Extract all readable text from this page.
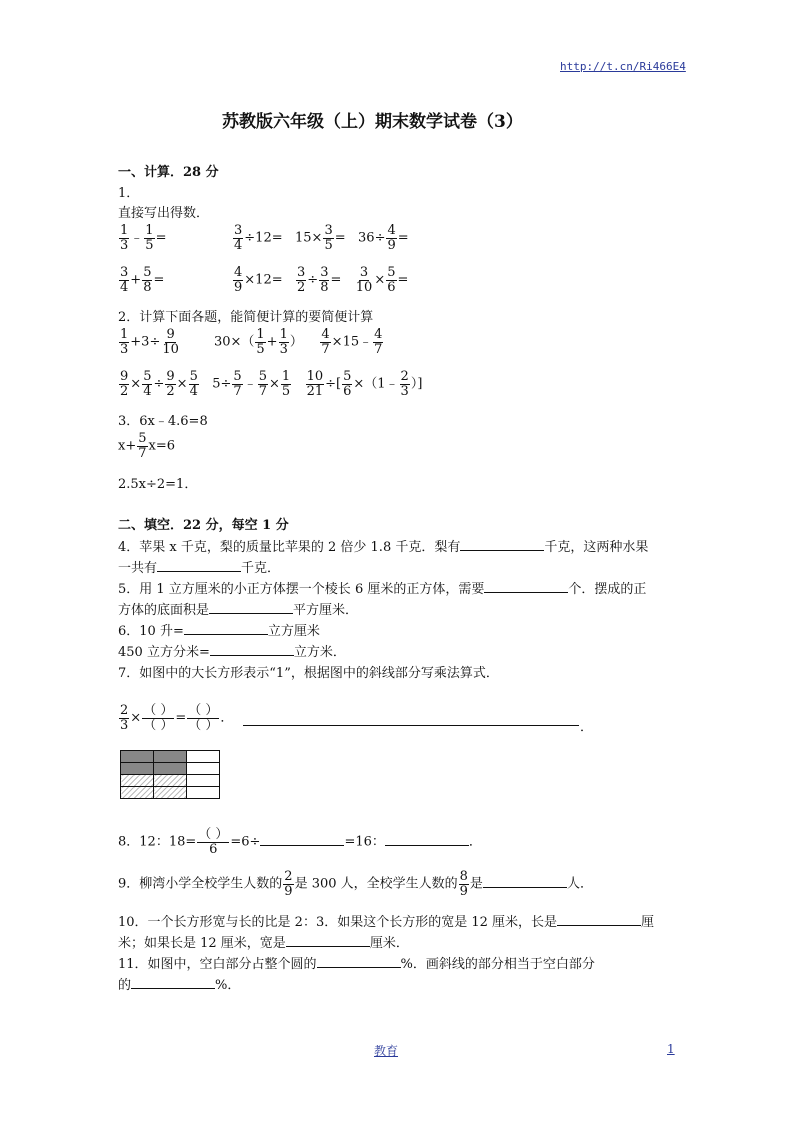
http://t.cn/Ri466E4
苏教版六年级（上）期末数学试卷（3）
一、计算．28 分
1．
直接写出得数．
$\frac{1}{3}$ ﹣ $\frac{1}{5}$ =	$\frac{3}{4} \div 12= 15\times \frac{3}{5} = 36\div \frac{4}{9}$ =
$\frac{3}{4} + \frac{5}{8}$ =	$\frac{4}{9} \times 12= \frac{3}{2} \div \frac{3}{8} = \frac{3}{10} \times \frac{5}{6}$ =
2．计算下面各题，能简便计算的要简便计算
$\frac{1}{3} +3\div \frac{9}{10} 30\times( \frac{1}{5} + \frac{1}{3}$ ） $\frac{4}{7}$ ×15﹣ $\frac{4}{7}$
$\frac{9}{2} \times \frac{5}{4} \div \frac{9}{2} \times \frac{5}{4} 5\div \frac{5}{7}$ ﹣ $\frac{5}{7} \times \frac{1}{5}$
$\frac{10}{21}$ ÷[ $\frac{5}{6}$ ×（1﹣ $\frac{2}{3}$ ）]
3．6x﹣4.6=8
$x+ \frac{5}{7} x=6$
2.5x÷2=1．
二、填空．22 分，每空 1 分
4．苹果 x 千克，梨的质量比苹果的 2 倍少 1.8 千克．梨有	千克，这两种水果
一共有	千克．
5．用 1 立方厘米的小正方体摆一个棱长 6 厘米的正方体，需要	个．摆成的正
方体的底面积是	平方厘米．
6．10 升=	立方厘米
450 立方分米=	立方米．
7．如图中的大长方形表示“1”，根据图中的斜线部分写乘法算式．
$\frac{2}{3} \times \frac{( )}{( )} = \frac{( )}{( )}$ ．
．

8．12：$18= \frac{( )}{6} =6\div$	=16：	．
9．柳湾小学全校学生人数的 $\frac{2}{9}$ 是 300 人，全校学生人数的 $\frac{8}{9}$ 是	人．
10．一个长方形宽与长的比是 2：3．如果这个长方形的宽是 12 厘米，长是	厘
米；如果长是 12 厘米，宽是	厘米．
11．如图中，空白部分占整个圆的	%．画斜线的部分相当于空白部分
的	%．
教育	1
